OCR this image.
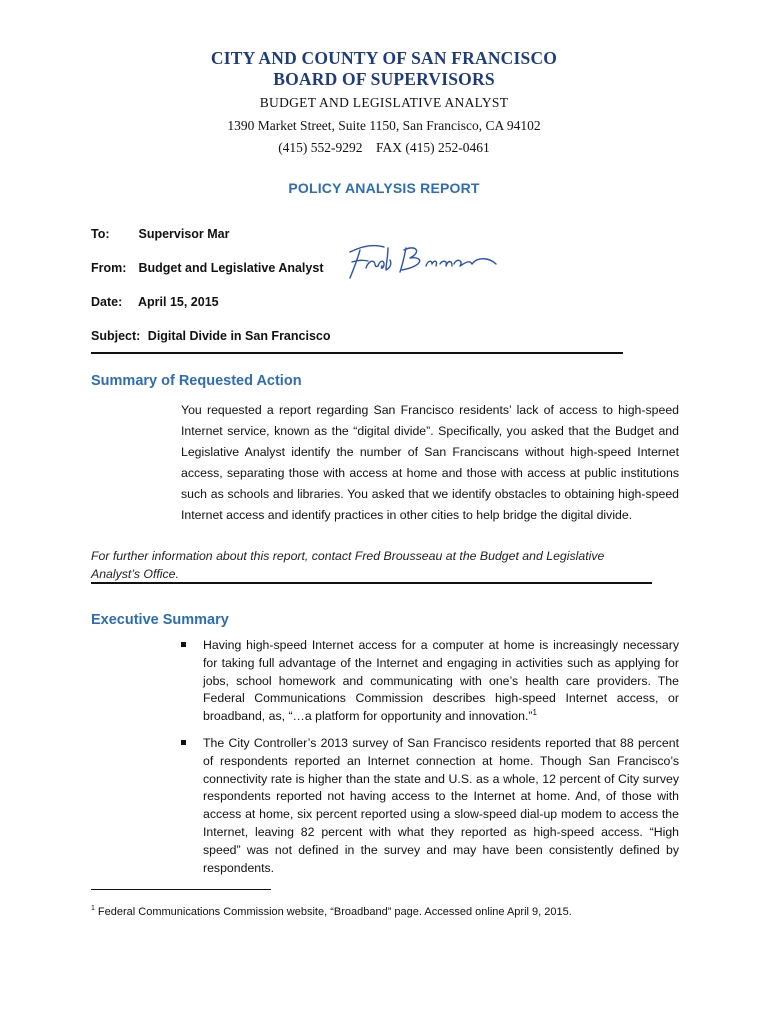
CITY AND COUNTY OF SAN FRANCISCO
BOARD OF SUPERVISORS
BUDGET AND LEGISLATIVE ANALYST
1390 Market Street, Suite 1150, San Francisco, CA 94102
(415) 552-9292    FAX (415) 252-0461
POLICY ANALYSIS REPORT
To: Supervisor Mar
From: Budget and Legislative Analyst
Date: April 15, 2015
Subject: Digital Divide in San Francisco
Summary of Requested Action
You requested a report regarding San Francisco residents’ lack of access to high-speed Internet service, known as the “digital divide”. Specifically, you asked that the Budget and Legislative Analyst identify the number of San Franciscans without high-speed Internet access, separating those with access at home and those with access at public institutions such as schools and libraries. You asked that we identify obstacles to obtaining high-speed Internet access and identify practices in other cities to help bridge the digital divide.
For further information about this report, contact Fred Brousseau at the Budget and Legislative Analyst’s Office.
Executive Summary
Having high-speed Internet access for a computer at home is increasingly necessary for taking full advantage of the Internet and engaging in activities such as applying for jobs, school homework and communicating with one’s health care providers. The Federal Communications Commission describes high-speed Internet access, or broadband, as, “…a platform for opportunity and innovation.”$^1$
The City Controller’s 2013 survey of San Francisco residents reported that 88 percent of respondents reported an Internet connection at home. Though San Francisco’s connectivity rate is higher than the state and U.S. as a whole, 12 percent of City survey respondents reported not having access to the Internet at home. And, of those with access at home, six percent reported using a slow-speed dial-up modem to access the Internet, leaving 82 percent with what they reported as high-speed access. “High speed” was not defined in the survey and may have been consistently defined by respondents.
$^1$ Federal Communications Commission website, “Broadband” page. Accessed online April 9, 2015.
